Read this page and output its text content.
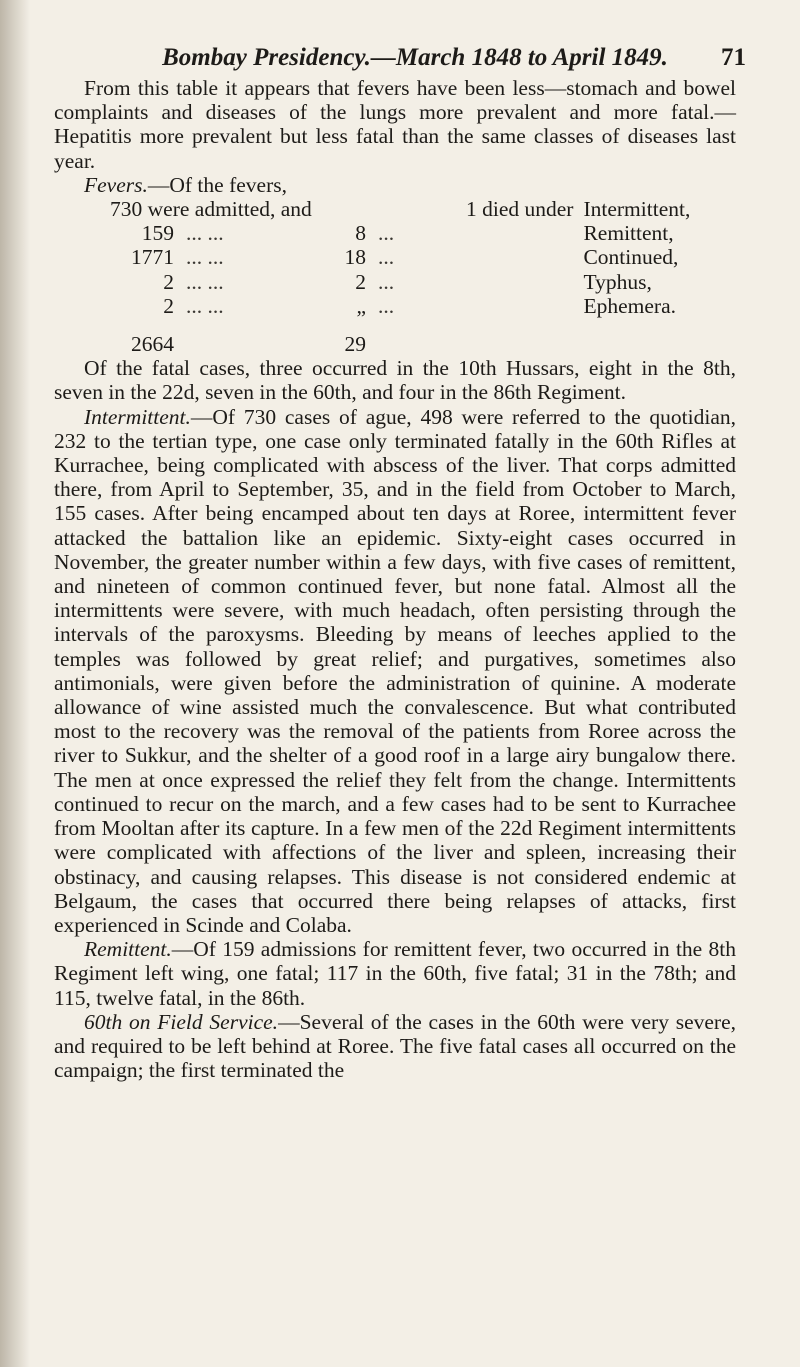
Bombay Presidency.—March 1848 to April 1849. 71

From this table it appears that fevers have been less—stomach and bowel complaints and diseases of the lungs more prevalent and more fatal.—Hepatitis more prevalent but less fatal than the same classes of diseases last year.

Fevers.—Of the fevers,

730 were admitted, and				1 died under	Intermittent,
159	... ...	8	...		Remittent,
1771	... ...	18	...		Continued,
2	... ...	2	...		Typhus,
2	... ...	„	...		Ephemera.
2664		29			

Of the fatal cases, three occurred in the 10th Hussars, eight in the 8th, seven in the 22d, seven in the 60th, and four in the 86th Regiment.

Intermittent.—Of 730 cases of ague, 498 were referred to the quotidian, 232 to the tertian type, one case only terminated fatally in the 60th Rifles at Kurrachee, being complicated with abscess of the liver. That corps admitted there, from April to September, 35, and in the field from October to March, 155 cases. After being encamped about ten days at Roree, intermittent fever attacked the battalion like an epidemic. Sixty-eight cases occurred in November, the greater number within a few days, with five cases of remittent, and nineteen of common continued fever, but none fatal. Almost all the intermittents were severe, with much headach, often persisting through the intervals of the paroxysms. Bleeding by means of leeches applied to the temples was followed by great relief; and purgatives, sometimes also antimonials, were given before the administration of quinine. A moderate allowance of wine assisted much the convalescence. But what contributed most to the recovery was the removal of the patients from Roree across the river to Sukkur, and the shelter of a good roof in a large airy bungalow there. The men at once expressed the relief they felt from the change. Intermittents continued to recur on the march, and a few cases had to be sent to Kurrachee from Mooltan after its capture. In a few men of the 22d Regiment intermittents were complicated with affections of the liver and spleen, increasing their obstinacy, and causing relapses. This disease is not considered endemic at Belgaum, the cases that occurred there being relapses of attacks, first experienced in Scinde and Colaba.

Remittent.—Of 159 admissions for remittent fever, two occurred in the 8th Regiment left wing, one fatal; 117 in the 60th, five fatal; 31 in the 78th; and 115, twelve fatal, in the 86th.

60th on Field Service.—Several of the cases in the 60th were very severe, and required to be left behind at Roree. The five fatal cases all occurred on the campaign; the first terminated the
